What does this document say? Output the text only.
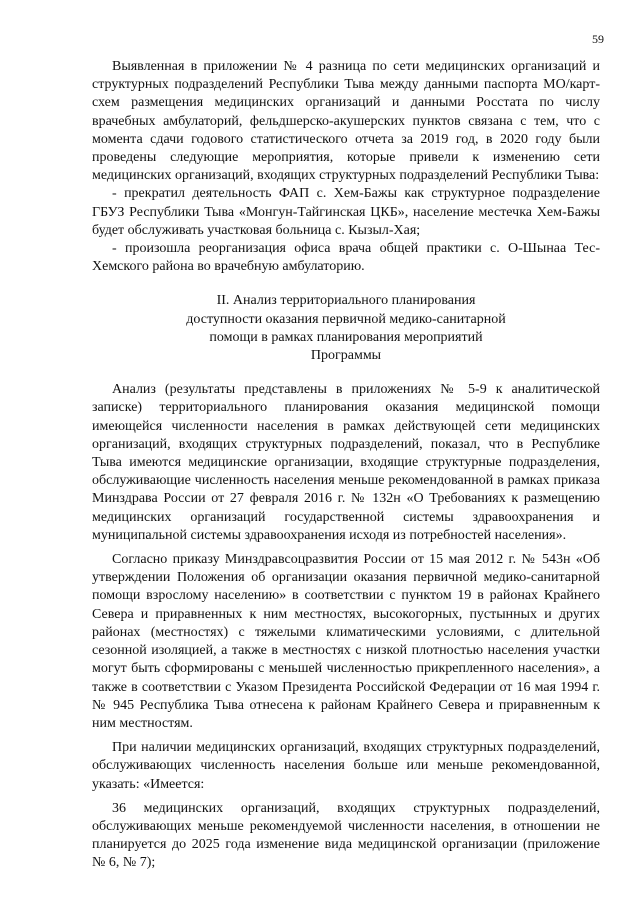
59

Выявленная в приложении № 4 разница по сети медицинских организаций и структурных подразделений Республики Тыва между данными паспорта МО/карт-схем размещения медицинских организаций и данными Росстата по числу врачебных амбулаторий, фельдшерско-акушерских пунктов связана с тем, что с момента сдачи годового статистического отчета за 2019 год, в 2020 году были проведены следующие мероприятия, которые привели к изменению сети медицинских организаций, входящих структурных подразделений Республики Тыва:

- прекратил деятельность ФАП с. Хем-Бажы как структурное подразделение ГБУЗ Республики Тыва «Монгун-Тайгинская ЦКБ», население местечка Хем-Бажы будет обслуживать участковая больница с. Кызыл-Хая;

- произошла реорганизация офиса врача общей практики с. О-Шынаа Тес-Хемского района во врачебную амбулаторию.

II. Анализ территориального планирования доступности оказания первичной медико-санитарной помощи в рамках планирования мероприятий Программы

Анализ (результаты представлены в приложениях № 5-9 к аналитической записке) территориального планирования оказания медицинской помощи имеющейся численности населения в рамках действующей сети медицинских организаций, входящих структурных подразделений, показал, что в Республике Тыва имеются медицинские организации, входящие структурные подразделения, обслуживающие численность населения меньше рекомендованной в рамках приказа Минздрава России от 27 февраля 2016 г. № 132н «О Требованиях к размещению медицинских организаций государственной системы здравоохранения и муниципальной системы здравоохранения исходя из потребностей населения».

Согласно приказу Минздравсоцразвития России от 15 мая 2012 г. № 543н «Об утверждении Положения об организации оказания первичной медико-санитарной помощи взрослому населению» в соответствии с пунктом 19 в районах Крайнего Севера и приравненных к ним местностях, высокогорных, пустынных и других районах (местностях) с тяжелыми климатическими условиями, с длительной сезонной изоляцией, а также в местностях с низкой плотностью населения участки могут быть сформированы с меньшей численностью прикрепленного населения», а также в соответствии с Указом Президента Российской Федерации от 16 мая 1994 г. № 945 Республика Тыва отнесена к районам Крайнего Севера и приравненным к ним местностям.

При наличии медицинских организаций, входящих структурных подразделений, обслуживающих численность населения больше или меньше рекомендованной, указать: «Имеется:

36 медицинских организаций, входящих структурных подразделений, обслуживающих меньше рекомендуемой численности населения, в отношении не планируется до 2025 года изменение вида медицинской организации (приложение № 6, № 7);
